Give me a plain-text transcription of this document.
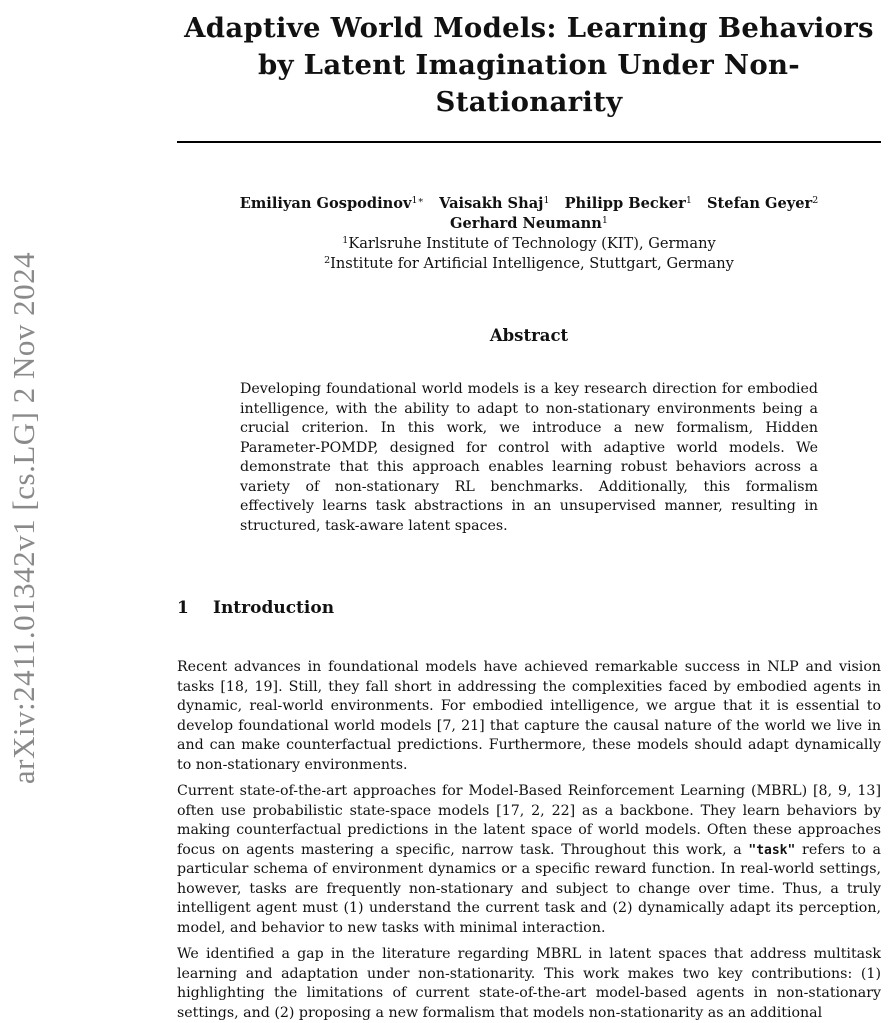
arXiv:2411.01342v1 [cs.LG] 2 Nov 2024
Adaptive World Models: Learning Behaviors
by Latent Imagination Under Non-Stationarity
Emiliyan Gospodinov$^{1∗}$ Vaisakh Shaj$^1$ Philipp Becker$^1$ Stefan Geyer$^2$
Gerhard Neumann$^1$
$^1$Karlsruhe Institute of Technology (KIT), Germany
$^2$Institute for Artificial Intelligence, Stuttgart, Germany
Abstract

Developing foundational world models is a key research direction for embodied intelligence, with the ability to adapt to non-stationary environments being a crucial criterion. In this work, we introduce a new formalism, Hidden Parameter-POMDP, designed for control with adaptive world models. We demonstrate that this approach enables learning robust behaviors across a variety of non-stationary RL benchmarks. Additionally, this formalism effectively learns task abstractions in an unsupervised manner, resulting in structured, task-aware latent spaces.

1 Introduction

Recent advances in foundational models have achieved remarkable success in NLP and vision tasks [18, 19]. Still, they fall short in addressing the complexities faced by embodied agents in dynamic, real-world environments. For embodied intelligence, we argue that it is essential to develop foundational world models [7, 21] that capture the causal nature of the world we live in and can make counterfactual predictions. Furthermore, these models should adapt dynamically to non-stationary environments.

Current state-of-the-art approaches for Model-Based Reinforcement Learning (MBRL) [8, 9, 13] often use probabilistic state-space models [17, 2, 22] as a backbone. They learn behaviors by making counterfactual predictions in the latent space of world models. Often these approaches focus on agents mastering a specific, narrow task. Throughout this work, a "task" refers to a particular schema of environment dynamics or a specific reward function. In real-world settings, however, tasks are frequently non-stationary and subject to change over time. Thus, a truly intelligent agent must (1) understand the current task and (2) dynamically adapt its perception, model, and behavior to new tasks with minimal interaction.

We identified a gap in the literature regarding MBRL in latent spaces that address multitask learning and adaptation under non-stationarity. This work makes two key contributions: (1) highlighting the limitations of current state-of-the-art model-based agents in non-stationary settings, and (2) proposing a new formalism that models non-stationarity as an additional
